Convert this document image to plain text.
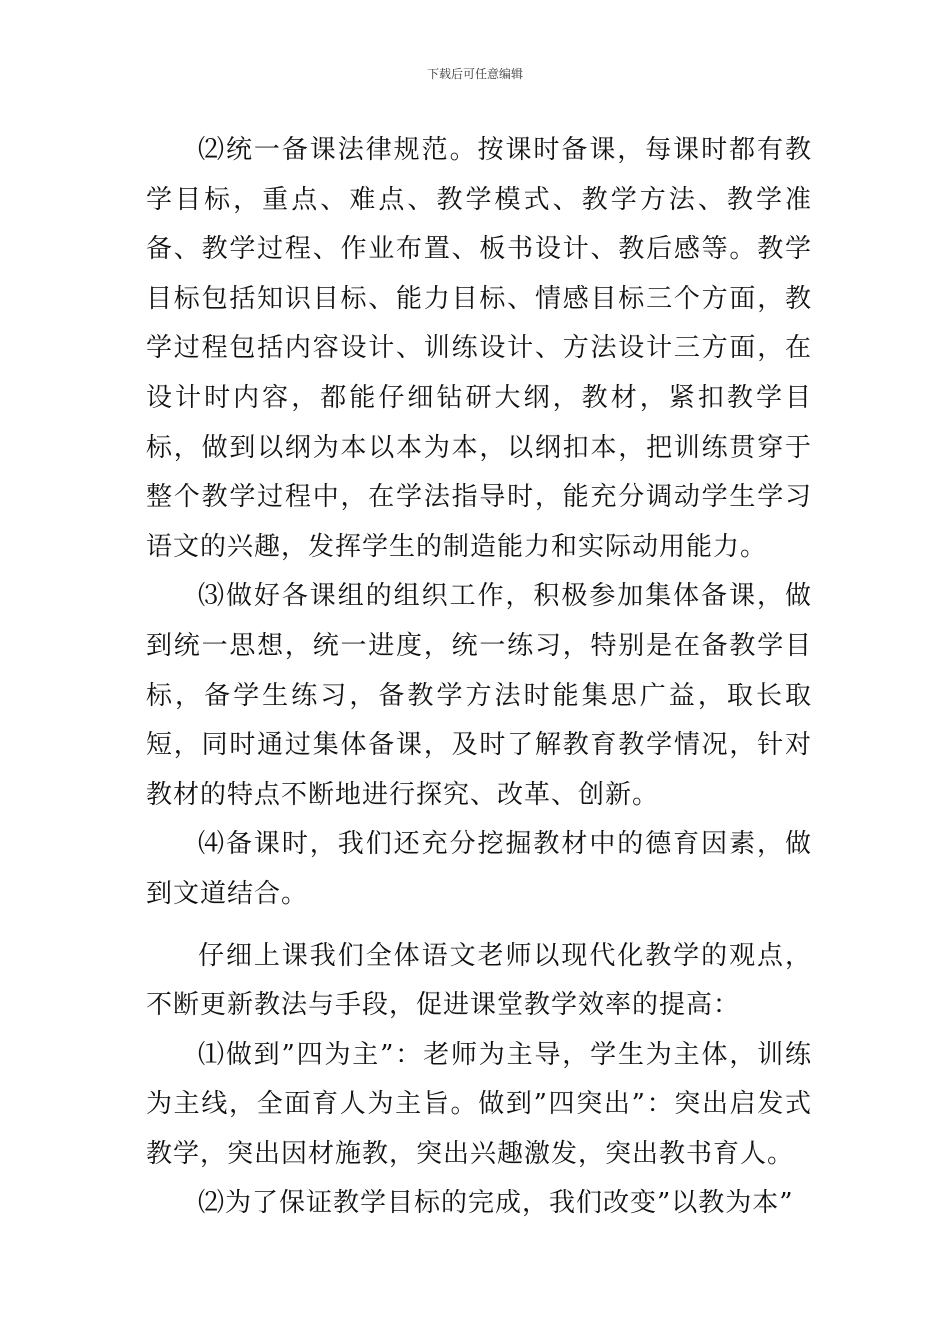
下载后可任意编辑

⑵统一备课法律规范。按课时备课，每课时都有教学目标，重点、难点、教学模式、教学方法、教学准备、教学过程、作业布置、板书设计、教后感等。教学目标包括知识目标、能力目标、情感目标三个方面，教学过程包括内容设计、训练设计、方法设计三方面，在设计时内容，都能仔细钻研大纲，教材，紧扣教学目标，做到以纲为本以本为本，以纲扣本，把训练贯穿于整个教学过程中，在学法指导时，能充分调动学生学习语文的兴趣，发挥学生的制造能力和实际动用能力。

⑶做好各课组的组织工作，积极参加集体备课，做到统一思想，统一进度，统一练习，特别是在备教学目标，备学生练习，备教学方法时能集思广益，取长取短，同时通过集体备课，及时了解教育教学情况，针对教材的特点不断地进行探究、改革、创新。

⑷备课时，我们还充分挖掘教材中的德育因素，做到文道结合。

仔细上课我们全体语文老师以现代化教学的观点，不断更新教法与手段，促进课堂教学效率的提高：

⑴做到”四为主”：老师为主导，学生为主体，训练为主线，全面育人为主旨。做到”四突出”：突出启发式教学，突出因材施教，突出兴趣激发，突出教书育人。

⑵为了保证教学目标的完成，我们改变”以教为本”
